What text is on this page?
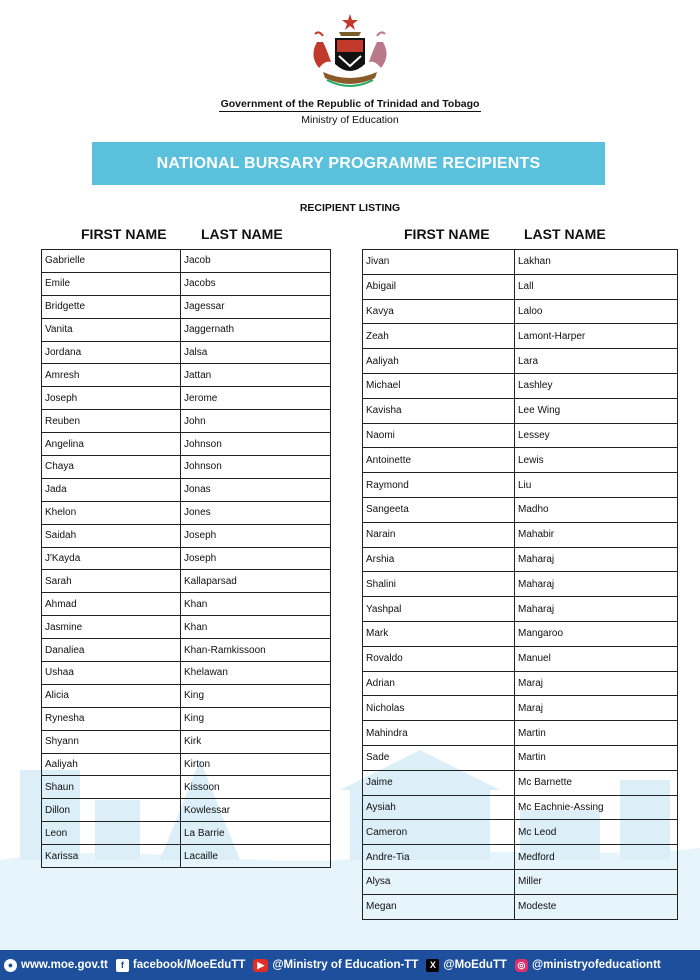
Government of the Republic of Trinidad and Tobago
Ministry of Education
NATIONAL BURSARY PROGRAMME RECIPIENTS
RECIPIENT LISTING
FIRST NAME LAST NAME	FIRST NAME LAST NAME
Gabrielle	Jacob
Emile	Jacobs
Bridgette	Jagessar
Vanita	Jaggernath
Jordana	Jalsa
Amresh	Jattan
Joseph	Jerome
Reuben	John
Angelina	Johnson
Chaya	Johnson
Jada	Jonas
Khelon	Jones
Saidah	Joseph
J'Kayda	Joseph
Sarah	Kallaparsad
Ahmad	Khan
Jasmine	Khan
Danaliea	Khan-Ramkissoon
Ushaa	Khelawan
Alicia	King
Rynesha	King
Shyann	Kirk
Aaliyah	Kirton
Shaun	Kissoon
Dillon	Kowlessar
Leon	La Barrie
Karissa	Lacaille
Jivan	Lakhan
Abigail	Lall
Kavya	Laloo
Zeah	Lamont-Harper
Aaliyah	Lara
Michael	Lashley
Kavisha	Lee Wing
Naomi	Lessey
Antoinette	Lewis
Raymond	Liu
Sangeeta	Madho
Narain	Mahabir
Arshia	Maharaj
Shalini	Maharaj
Yashpal	Maharaj
Mark	Mangaroo
Rovaldo	Manuel
Adrian	Maraj
Nicholas	Maraj
Mahindra	Martin
Sade	Martin
Jaime	Mc Barnette
Aysiah	Mc Eachnie-Assing
Cameron	Mc Leod
Andre-Tia	Medford
Alysa	Miller
Megan	Modeste
● www.moe.gov.tt	f facebook/MoeEduTT	▶ @Ministry of Education-TT	X @MoEduTT ◎ @ministryofeducationtt
